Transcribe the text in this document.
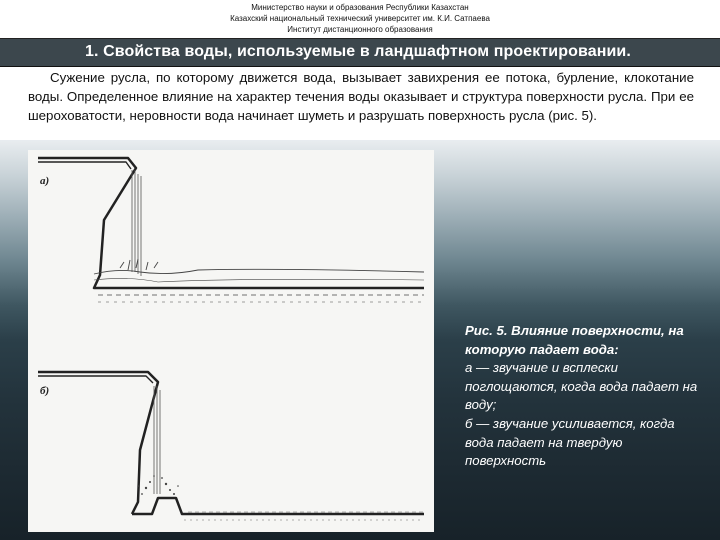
Министерство науки и образования Республики Казахстан
Казахский национальный технический университет им. К.И. Сатпаева
Институт дистанционного образования
1. Свойства воды, используемые в ландшафтном проектировании.
Сужение русла, по которому движется вода, вызывает завихрения ее потока, бурление, клокотание воды. Определенное влияние на характер течения воды оказывает и структура поверхности русла. При ее шероховатости, неровности вода начинает шуметь и разрушать поверхность русла (рис. 5).
а)
б)
Рис. 5. Влияние поверхности, на которую падает вода:
а — звучание и всплески поглощаются, когда вода падает на воду;
б — звучание усиливается, когда вода падает на твердую поверхность
